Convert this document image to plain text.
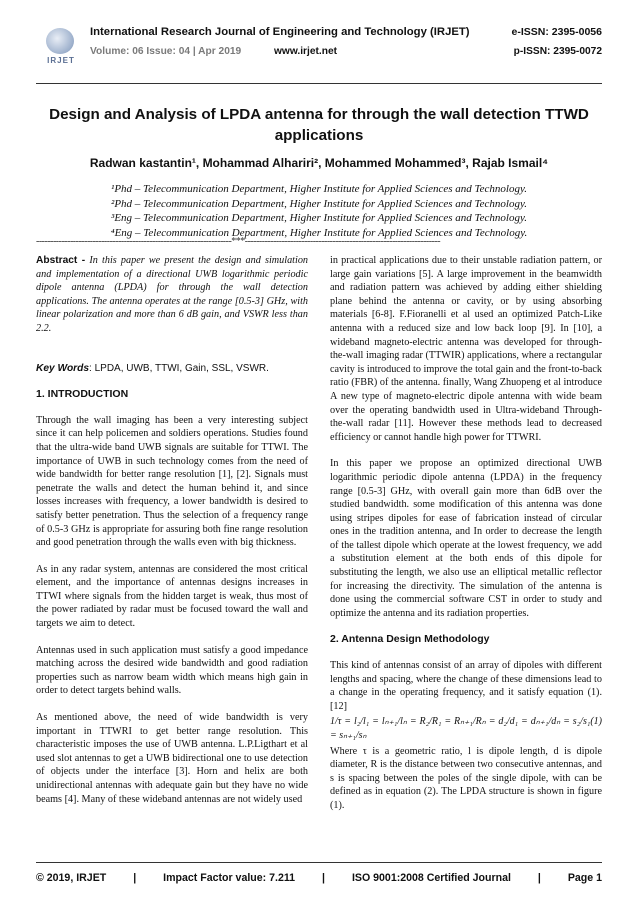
IRJET
International Research Journal of Engineering and Technology (IRJET)	e-ISSN: 2395-0056
Volume: 06 Issue: 04 | Apr 2019	www.irjet.net	p-ISSN: 2395-0072
Design and Analysis of LPDA antenna for through the wall detection TTWD applications
Radwan kastantin¹, Mohammad Alhariri², Mohammed Mohammed³, Rajab Ismail⁴
¹Phd – Telecommunication Department, Higher Institute for Applied Sciences and Technology.
²Phd – Telecommunication Department, Higher Institute for Applied Sciences and Technology.
³Eng – Telecommunication Department, Higher Institute for Applied Sciences and Technology.
⁴Eng – Telecommunication Department, Higher Institute for Applied Sciences and Technology.
---------------------------------------------------------------------***---------------------------------------------------------------------

Abstract - In this paper we present the design and simulation and implementation of a directional UWB logarithmic periodic dipole antenna (LPDA) for through the wall detection applications. The antenna operates at the range [0.5-3] GHz, with linear polarization and more than 6 dB gain, and VSWR less than 2.2.

Key Words: LPDA, UWB, TTWI, Gain, SSL, VSWR.

1. INTRODUCTION

Through the wall imaging has been a very interesting subject since it can help policemen and soldiers operations. Studies found that the ultra-wide band UWB signals are suitable for TTWI. The importance of UWB in such technology comes from the need of wide bandwidth for better range resolution [1], [2]. Signals must penetrate the walls and detect the human behind it, and since losses increases with frequency, a lower bandwidth is desired to satisfy better penetration. Thus the selection of a frequency range of 0.5-3 GHz is appropriate for assuring both fine range resolution and good penetration through the walls even with big thickness.

As in any radar system, antennas are considered the most critical element, and the importance of antennas designs increases in TTWI where signals from the hidden target is weak, thus most of the power radiated by radar must be focused toward the wall and targets we aim to detect.

Antennas used in such application must satisfy a good impedance matching across the desired wide bandwidth and good radiation properties such as narrow beam width which means high gain in order to detect targets behind walls.

As mentioned above, the need of wide bandwidth is very important in TTWRI to get better range resolution. This characteristic imposes the use of UWB antenna. L.P.Ligthart et al used slot antennas to get a UWB bidirectional one to use detection of objects under the interface [3]. Horn and helix are both unidirectional antennas with adequate gain but they have no wide beams [4]. Many of these wideband antennas are not widely used

in practical applications due to their unstable radiation pattern, or large gain variations [5]. A large improvement in the beamwidth and radiation pattern was achieved by adding either shielding plane behind the antenna or cavity, or by using absorbing materials [6-8]. F.Fioranelli et al used an optimized Patch-Like antenna with a reduced size and low back loop [9]. In [10], a wideband magneto-electric antenna was developed for through-the-wall imaging radar (TTWIR) applications, where a rectangular cavity is introduced to improve the total gain and the front-to-back ratio (FBR) of the antenna. finally, Wang Zhuopeng et al introduce A new type of magneto-electric dipole antenna with wide beam over the operating bandwidth used in Ultra-wideband Through-the-wall radar [11]. However these methods lead to decreased efficiency or cannot handle high power for TTWRI.

In this paper we propose an optimized directional UWB logarithmic periodic dipole antenna (LPDA) in the frequency range [0.5-3] GHz, with overall gain more than 6dB over the studied bandwidth. some modification of this antenna was done using stripes dipoles for ease of fabrication instead of circular ones in the tradition antenna, and In order to decrease the length of the tallest dipole which operate at the lowest frequency, we add a substitution element at the both ends of this dipole for substituting the length, we also use an elliptical metallic reflector for increasing the directivity. The simulation of the antenna is done using the commercial software CST in order to study and optimize the antenna and its radiation properties.

2. Antenna Design Methodology

This kind of antennas consist of an array of dipoles with different lengths and spacing, where the change of these dimensions lead to a change in the operating frequency, and it satisfy equation (1).[12]

1/τ = l₂/l₁ = lₙ₊₁/lₙ = R₂/R₁ = Rₙ₊₁/Rₙ = d₂/d₁ = dₙ₊₁/dₙ = s₂/s₁ = sₙ₊₁/sₙ
(1)

Where τ is a geometric ratio, l is dipole length, d is dipole diameter, R is the distance between two consecutive antennas, and s is spacing between the poles of the single dipole, with can be defined as in equation (2). The LPDA structure is shown in figure (1).

© 2019, IRJET	|	Impact Factor value: 7.211	|	ISO 9001:2008 Certified Journal	|	Page 1
